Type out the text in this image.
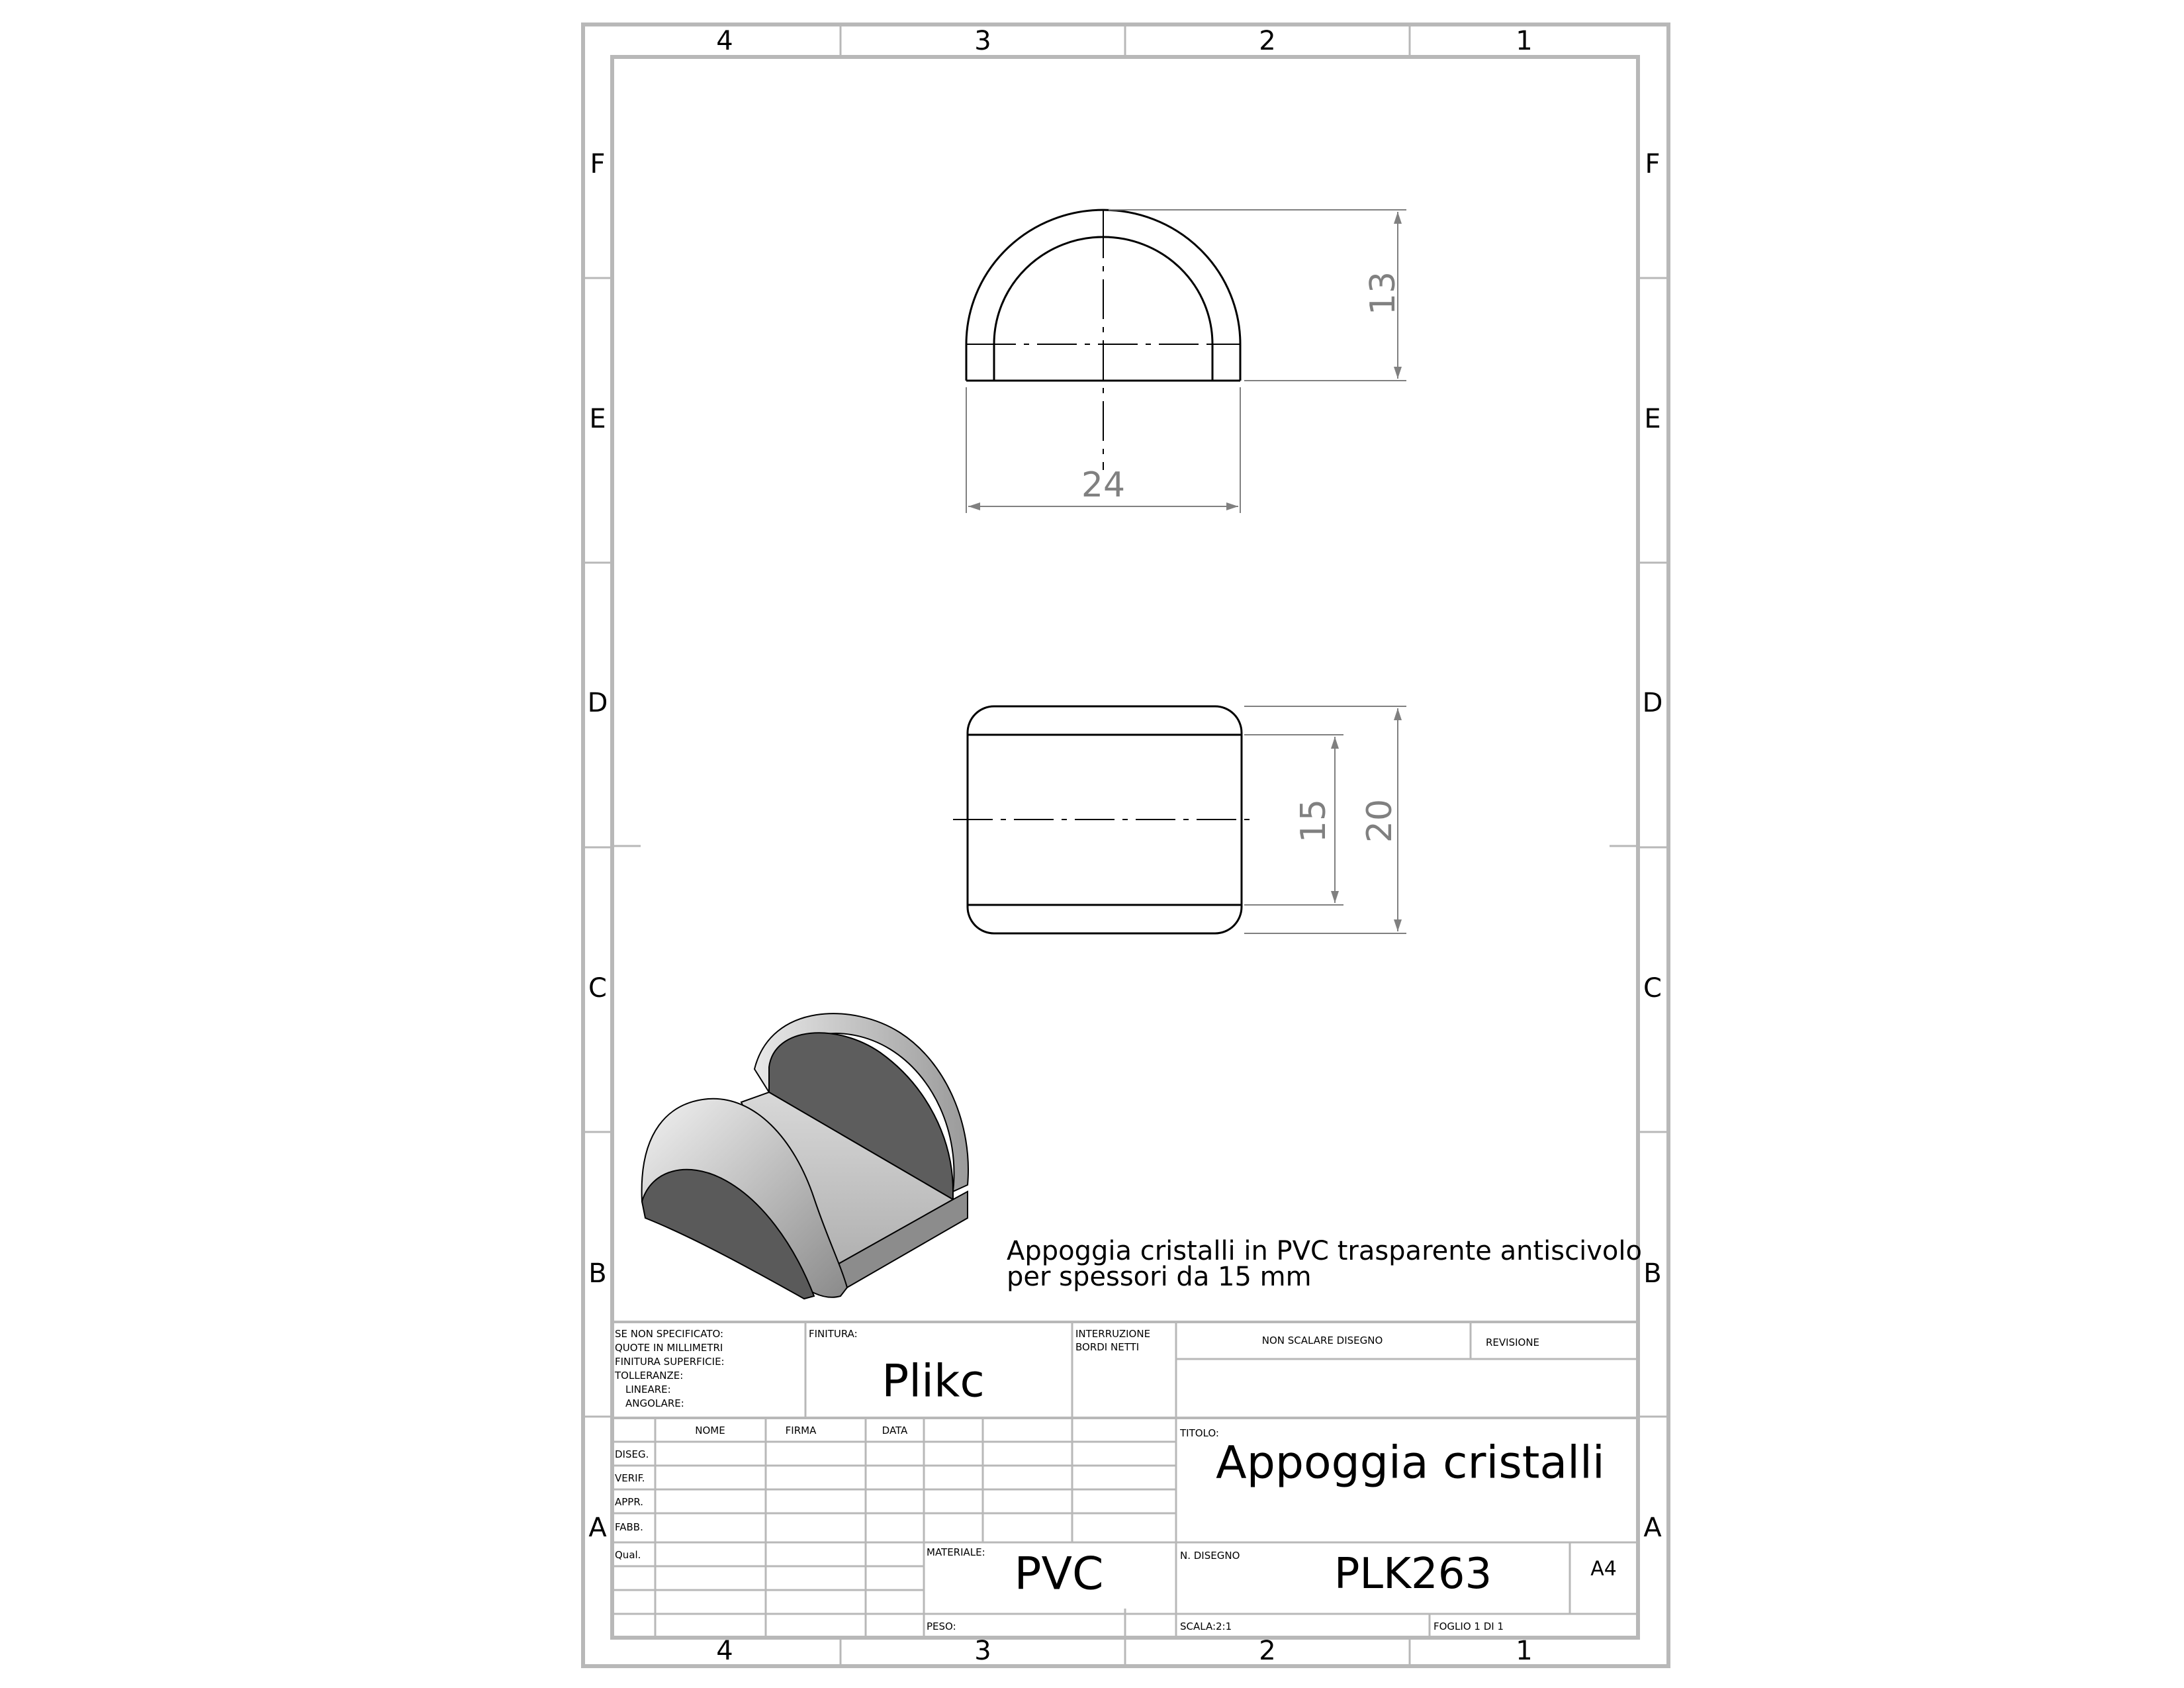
4	3	2	1
4	3	2	1
F
E
D
C
B
A
F
E
D
C
B
A
13
24
15 20
Appoggia cristalli in PVC trasparente antiscivolo
per spessori da 15 mm
SE NON SPECIFICATO:
QUOTE IN MILLIMETRI
FINITURA SUPERFICIE:
TOLLERANZE:
LINEARE:
ANGOLARE:
FINITURA:	INTERRUZIONE
BORDI NETTI
TITOLO:
MATERIALE:	N. DISEGNO
PESO:	SCALA:2:1	FOGLIO 1 DI 1
REVISIONE
NON SCALARE DISEGNO
NOME	FIRMA	DATA
DISEG.
VERIF.
APPR.
FABB.
Qual.
Plikc
Appoggia cristalli
PVC	PLK263	A4
